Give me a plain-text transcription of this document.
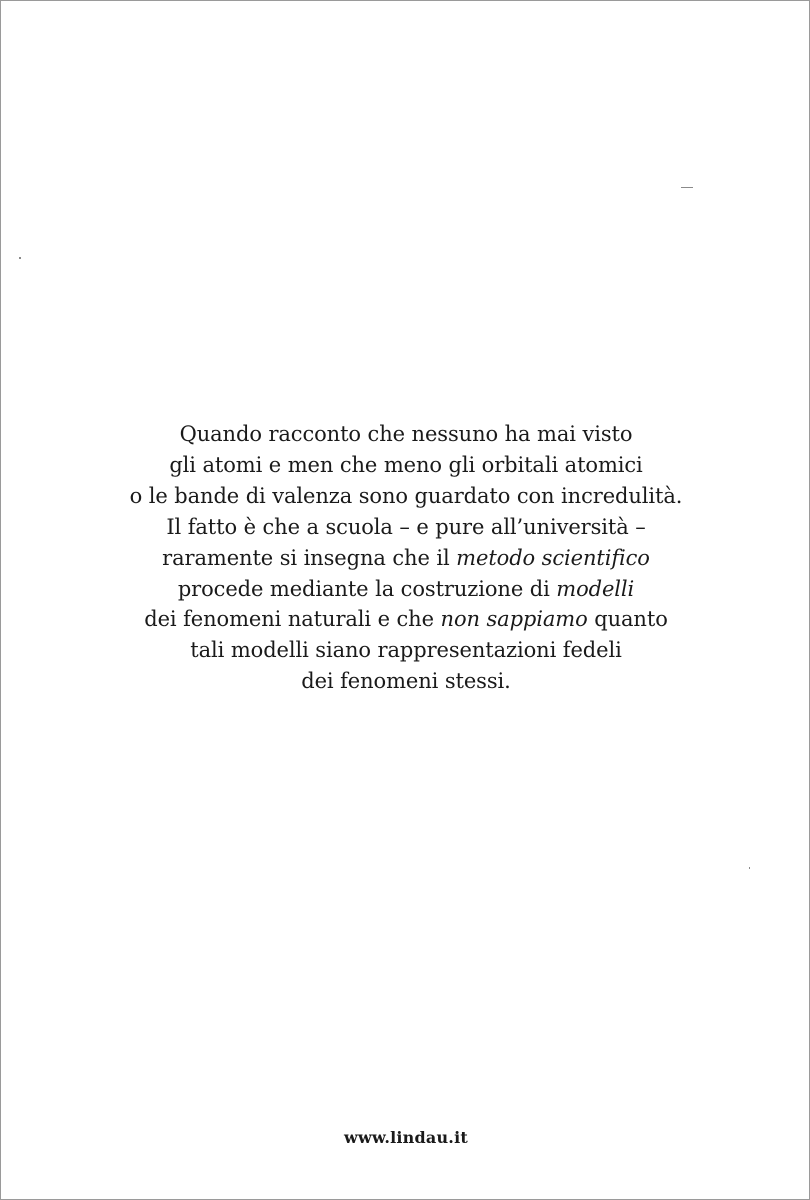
Quando racconto che nessuno ha mai visto
gli atomi e men che meno gli orbitali atomici
o le bande di valenza sono guardato con incredulità.
Il fatto è che a scuola – e pure all’università –
raramente si insegna che il metodo scientifico
procede mediante la costruzione di modelli
dei fenomeni naturali e che non sappiamo quanto
tali modelli siano rappresentazioni fedeli
dei fenomeni stessi.

www.lindau.it
